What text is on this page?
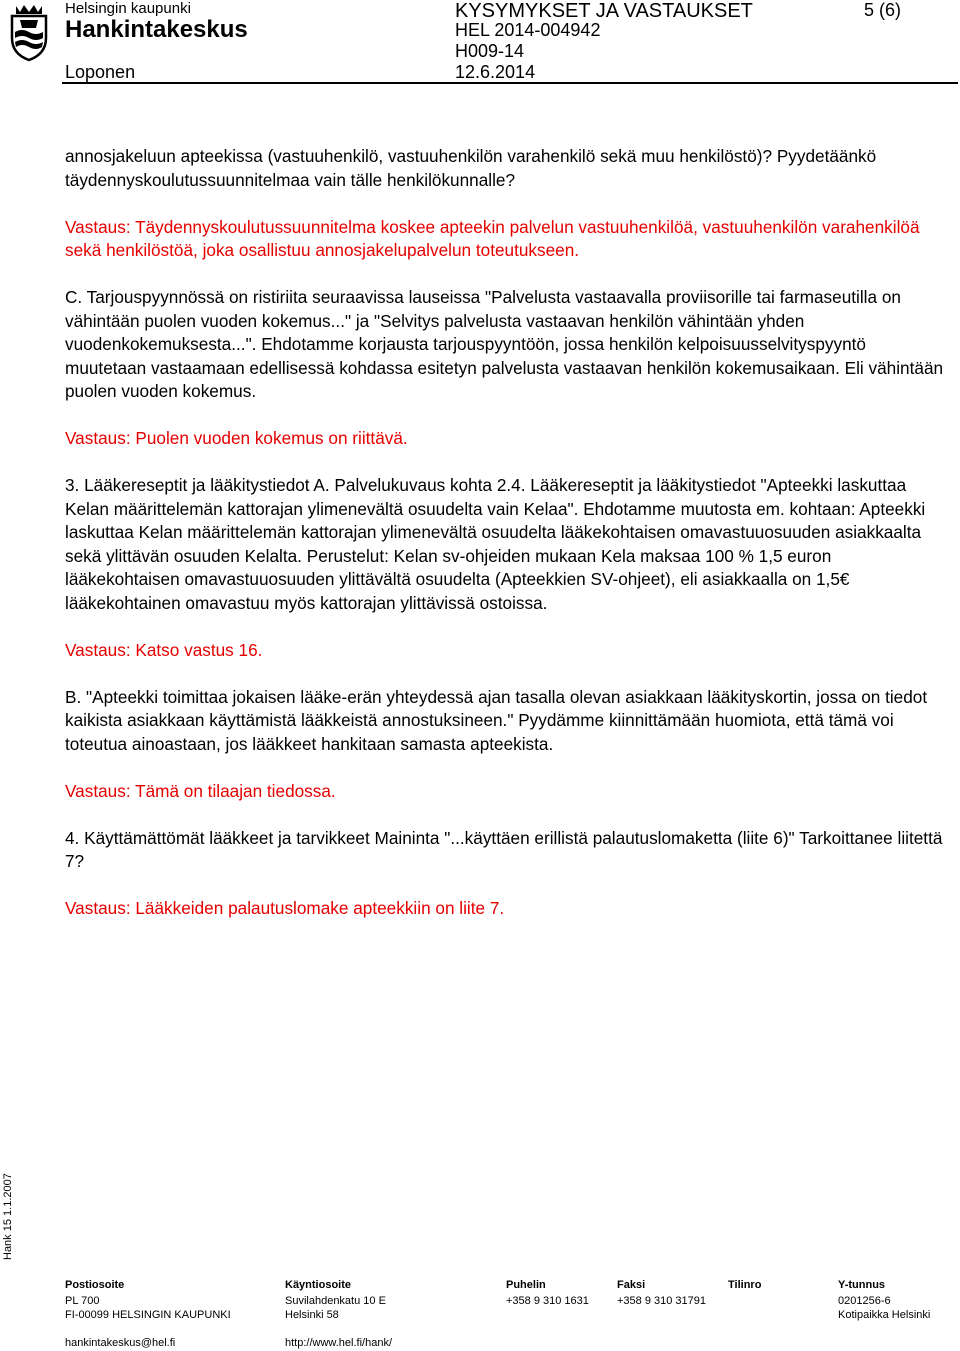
Helsingin kaupunki
Hankintakeskus
Loponen
KYSYMYKSET JA VASTAUKSET
HEL 2014-004942
H009-14
12.6.2014
5 (6)

annosjakeluun apteekissa (vastuuhenkilö, vastuuhenkilön varahenkilö sekä muu henkilöstö)? Pyydetäänkö täydennyskoulutussuunnitelmaa vain tälle henkilökunnalle?

Vastaus: Täydennyskoulutussuunnitelma koskee apteekin palvelun vastuuhenkilöä, vastuuhenkilön varahenkilöä sekä henkilöstöä, joka osallistuu annosjakelupalvelun toteutukseen.

C. Tarjouspyynnössä on ristiriita seuraavissa lauseissa "Palvelusta vastaavalla proviisorille tai farmaseutilla on vähintään puolen vuoden kokemus..." ja "Selvitys palvelusta vastaavan henkilön vähintään yhden vuodenkokemuksesta...". Ehdotamme korjausta tarjouspyyntöön, jossa henkilön kelpoisuusselvityspyyntö muutetaan vastaamaan edellisessä kohdassa esitetyn palvelusta vastaavan henkilön kokemusaikaan. Eli vähintään puolen vuoden kokemus.

Vastaus: Puolen vuoden kokemus on riittävä.

3. Lääkereseptit ja lääkitystiedot A. Palvelukuvaus kohta 2.4. Lääkereseptit ja lääkitystiedot "Apteekki laskuttaa Kelan määrittelemän kattorajan ylimenevältä osuudelta vain Kelaa". Ehdotamme muutosta em. kohtaan: Apteekki laskuttaa Kelan määrittelemän kattorajan ylimenevältä osuudelta lääkekohtaisen omavastuuosuuden asiakkaalta sekä ylittävän osuuden Kelalta. Perustelut: Kelan sv-ohjeiden mukaan Kela maksaa 100 % 1,5 euron lääkekohtaisen omavastuuosuuden ylittävältä osuudelta (Apteekkien SV-ohjeet), eli asiakkaalla on 1,5€ lääkekohtainen omavastuu myös kattorajan ylittävissä ostoissa.

Vastaus: Katso vastus 16.

B. "Apteekki toimittaa jokaisen lääke-erän yhteydessä ajan tasalla olevan asiakkaan lääkityskortin, jossa on tiedot kaikista asiakkaan käyttämistä lääkkeistä annostuksineen." Pyydämme kiinnittämään huomiota, että tämä voi toteutua ainoastaan, jos lääkkeet hankitaan samasta apteekista.

Vastaus: Tämä on tilaajan tiedossa.

4. Käyttämättömät lääkkeet ja tarvikkeet Maininta "...käyttäen erillistä palautuslomaketta (liite 6)" Tarkoittanee liitettä 7?

Vastaus: Lääkkeiden palautuslomake apteekkiin on liite 7.

Hank 15 1.1.2007
Postiosoite
PL 700
FI-00099 HELSINGIN KAUPUNKI
hankintakeskus@hel.fi
Käyntiosoite
Suvilahdenkatu 10 E
Helsinki 58
http://www.hel.fi/hank/
Puhelin
+358 9 310 1631
Faksi
+358 9 310 31791
Tilinro	Y-tunnus
0201256-6
Kotipaikka Helsinki
